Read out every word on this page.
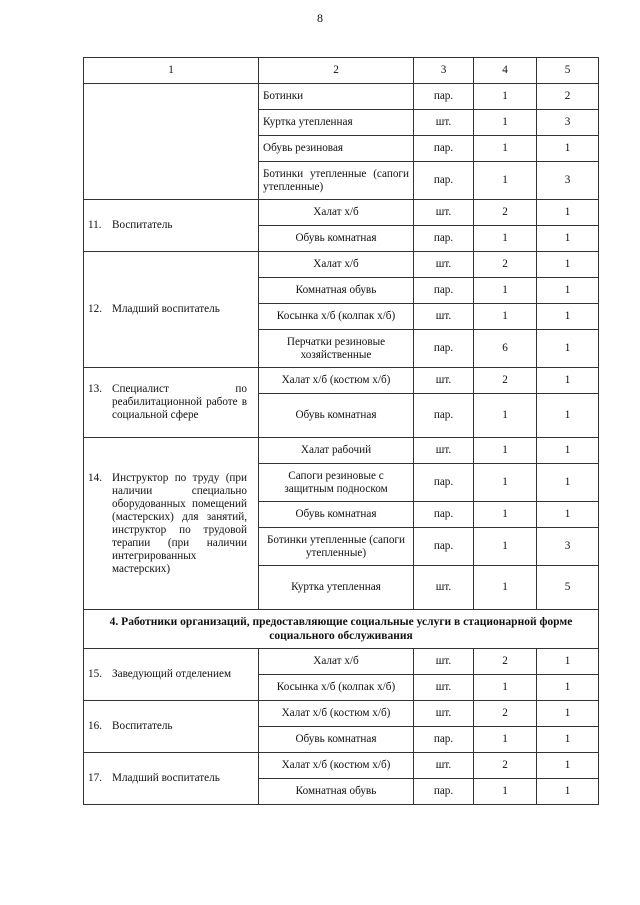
8
1	2	3	4	5
	Ботинки	пар.	1	2
	Куртка утепленная	шт.	1	3
	Обувь резиновая	пар.	1	1
	Ботинки утепленные (сапоги утепленные)	пар.	1	3
11. Воспитатель	Халат х/б	шт.	2	1
	Обувь комнатная	пар.	1	1
12. Младший воспитатель	Халат х/б	шт.	2	1
	Комнатная обувь	пар.	1	1
	Косынка х/б (колпак х/б)	шт.	1	1
	Перчатки резиновые хозяйственные	пар.	6	1
13. Специалист по реабилитационной работе в социальной сфере	Халат х/б (костюм х/б)	шт.	2	1
	Обувь комнатная	пар.	1	1
14. Инструктор по труду (при наличии специально оборудованных помещений (мастерских) для занятий, инструктор по трудовой терапии (при наличии интегрированных мастерских)	Халат рабочий	шт.	1	1
	Сапоги резиновые с защитным подноском	пар.	1	1
	Обувь комнатная	пар.	1	1
	Ботинки утепленные (сапоги утепленные)	пар.	1	3
	Куртка утепленная	шт.	1	5
4. Работники организаций, предоставляющие социальные услуги в стационарной форме социального обслуживания				
15. Заведующий отделением	Халат х/б	шт.	2	1
	Косынка х/б (колпак х/б)	шт.	1	1
16. Воспитатель	Халат х/б (костюм х/б)	шт.	2	1
	Обувь комнатная	пар.	1	1
17. Младший воспитатель	Халат х/б (костюм х/б)	шт.	2	1
	Комнатная обувь	пар.	1	1
